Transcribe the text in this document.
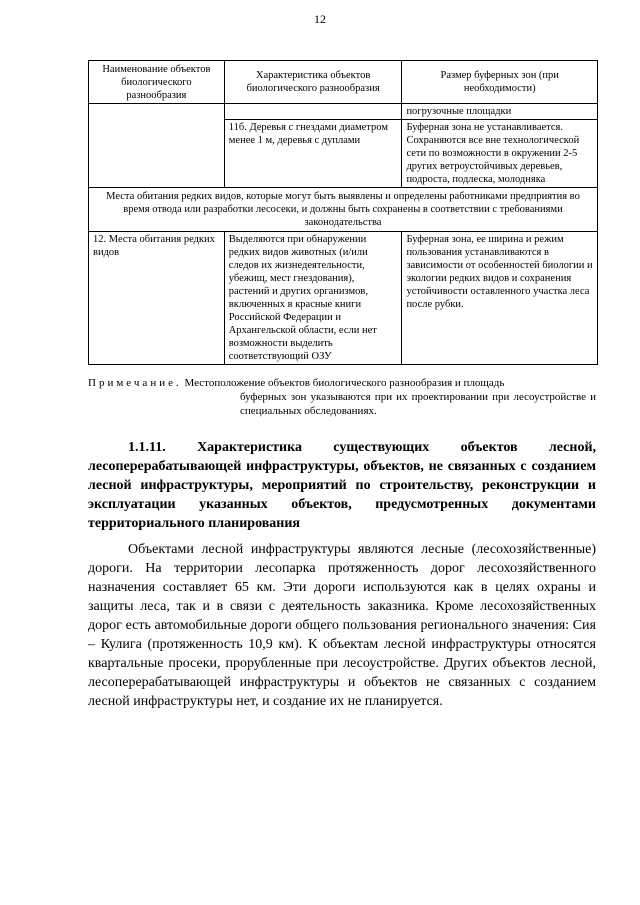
12
Наименование объектов биологического разнообразия	Характеристика объектов биологического разнообразия	Размер буферных зон (при необходимости)
		погрузочные площадки
	11б. Деревья с гнездами диаметром менее 1 м, деревья с дуплами	Буферная зона не устанавливается. Сохраняются все вне технологической сети по возможности в окружении 2-5 других ветроустойчивых деревьев, подроста, подлеска, молодняка
Места обитания редких видов, которые могут быть выявлены и определены работниками предприятия во время отвода или разработки лесосеки, и должны быть сохранены в соответствии с требованиями законодательства		
12. Места обитания редких видов	Выделяются при обнаружении редких видов животных (и/или следов их жизнедеятельности, убежищ, мест гнездования), растений и других организмов, включенных в красные книги Российской Федерации и Архангельской области, если нет возможности выделить соответствующий ОЗУ	Буферная зона, ее ширина и режим пользования устанавливаются в зависимости от особенностей биологии и экологии редких видов и сохранения устойчивости оставленного участка леса после рубки.
Примечание. Местоположение объектов биологического разнообразия и площадь
буферных зон указываются при их проектировании при лесоустройстве и специальных обследованиях.
1.1.11. Характеристика существующих объектов лесной, лесоперерабатывающей инфраструктуры, объектов, не связанных с созданием лесной инфраструктуры, мероприятий по строительству, реконструкции и эксплуатации указанных объектов, предусмотренных документами территориального планирования
Объектами лесной инфраструктуры являются лесные (лесохозяйственные) дороги. На территории лесопарка протяженность дорог лесохозяйственного назначения составляет 65 км. Эти дороги используются как в целях охраны и защиты леса, так и в связи с деятельность заказника. Кроме лесохозяйственных дорог есть автомобильные дороги общего пользования регионального значения: Сия – Кулига (протяженность 10,9 км). К объектам лесной инфраструктуры относятся квартальные просеки, прорубленные при лесоустройстве. Других объектов лесной, лесоперерабатывающей инфраструктуры и объектов не связанных с созданием лесной инфраструктуры нет, и создание их не планируется.
